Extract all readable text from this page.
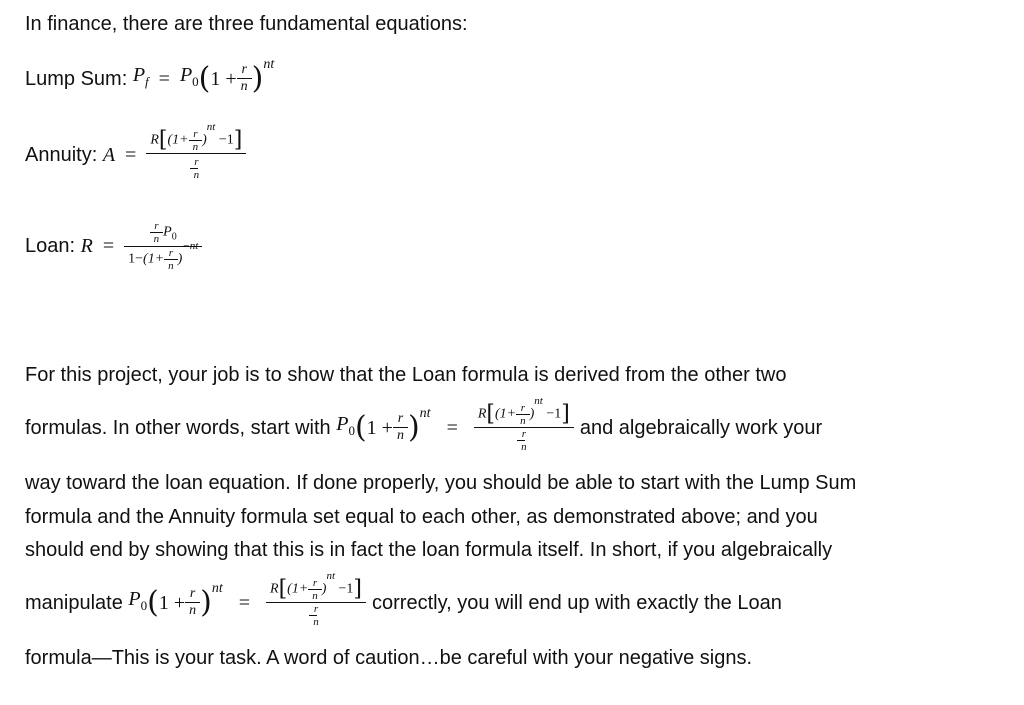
In finance, there are three fundamental equations:
Lump Sum:
$P_f = P_0$ ( $1 + \frac{r}{n} )^{nt}$
Annuity:
$A = \frac{R[(1+ \frac{r}{n} )^{nt} -1]}{\frac{r}{n}}$
Loan:
$R = \frac{\frac{r}{n} P_0}{1-(1+ \frac{r}{n} )^{-nt}}$
For this project, your job is to show that the Loan formula is derived from the other two
formulas. In other words, start with
$P_0$ ( $1 + \frac{r}{n} )^{nt}$
= $\frac{R[(1+ \frac{r}{n} )^{nt} -1]}{\frac{r}{n}}$ and algebraically work your
way toward the loan equation. If done properly, you should be able to start with the Lump Sum
formula and the Annuity formula set equal to each other, as demonstrated above; and you
should end by showing that this is in fact the loan formula itself. In short, if you algebraically
manipulate
$P_0$ ( $1 + \frac{r}{n} )^{nt}$
= $\frac{R[(1+ \frac{r}{n} )^{nt} -1]}{\frac{r}{n}}$ correctly, you will end up with exactly the Loan
formula—This is your task. A word of caution…be careful with your negative signs.
